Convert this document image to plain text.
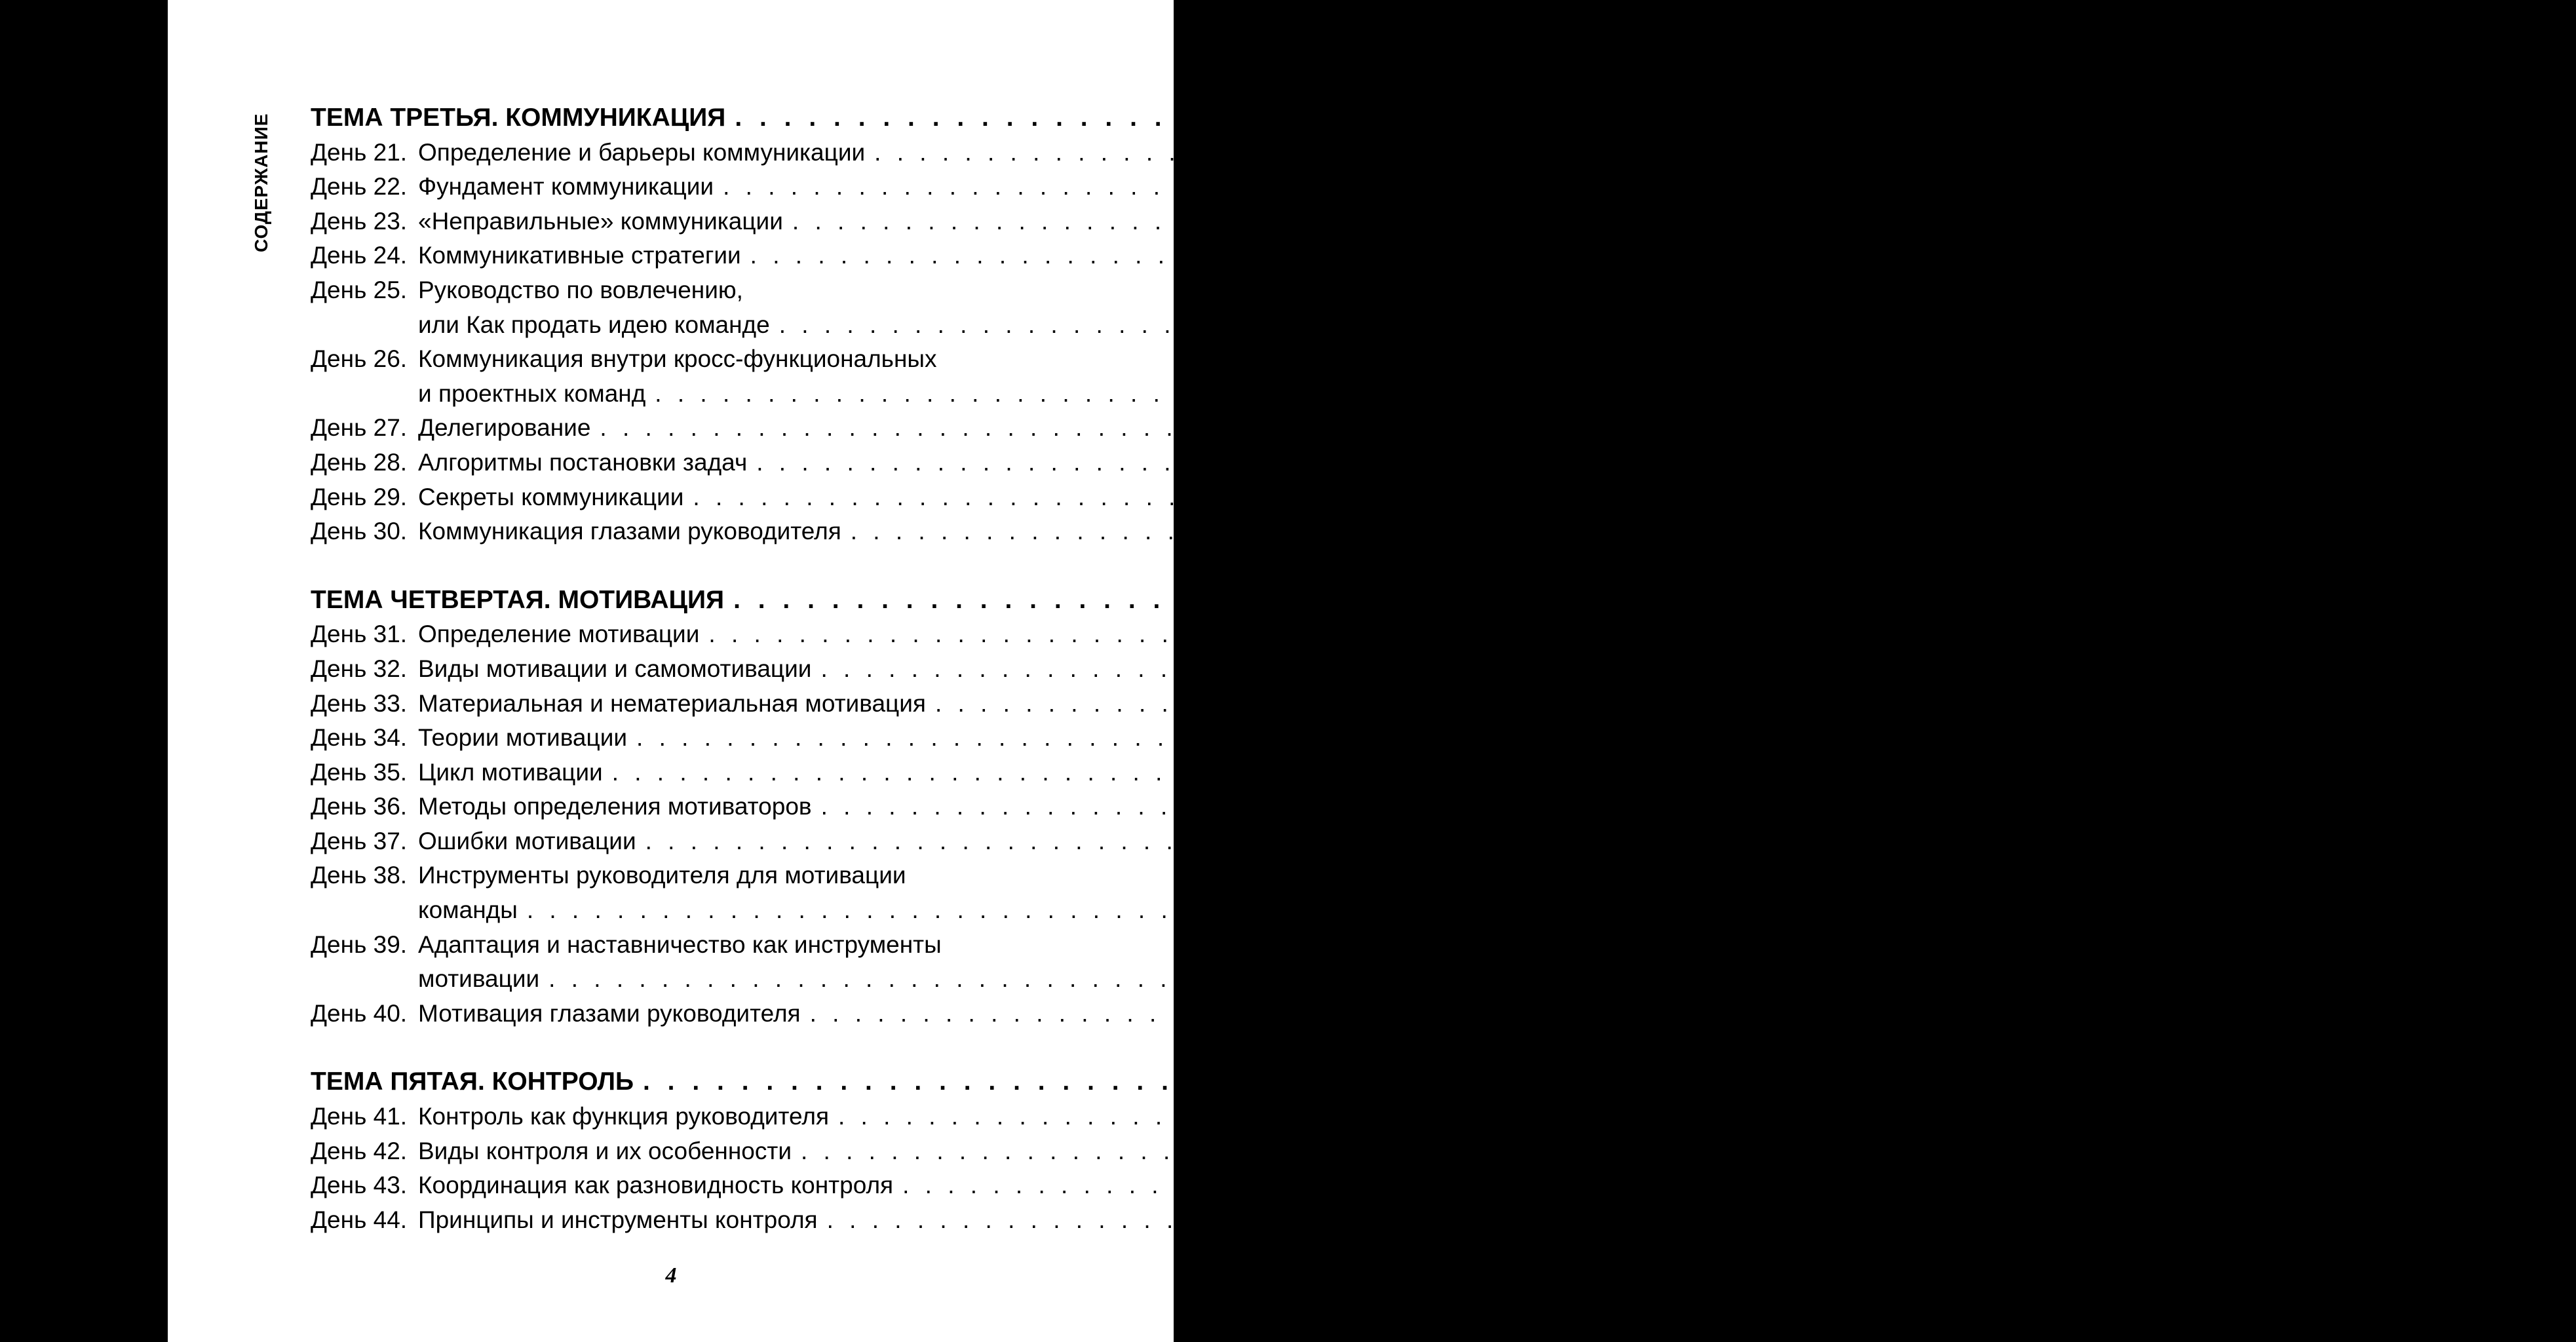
СОДЕРЖАНИЕ ТЕМА ТРЕТЬЯ. КОММУНИКАЦИЯ . . . . . . . . . . . . . . . . . . . . . . . . . . . . . . . . . . . . . . . . . . . . . . . . . . . . . . . . . . . . . . . . . . . . . . . 191
День 21. Определение и барьеры коммуникации . . . . . . . . . . . . . . . . . . . . . . . . . . . . . . . . . . . . . . . . . . . . . . . . . . . . . . . . . . . . . . . . . . . . . . . 193
День 22. Фундамент коммуникации . . . . . . . . . . . . . . . . . . . . . . . . . . . . . . . . . . . . . . . . . . . . . . . . . . . . . . . . . . . . . . . . . . . . . . . 205
День 23. «Неправильные» коммуникации . . . . . . . . . . . . . . . . . . . . . . . . . . . . . . . . . . . . . . . . . . . . . . . . . . . . . . . . . . . . . . . . . . . . . . . 217
День 24. Коммуникативные стратегии . . . . . . . . . . . . . . . . . . . . . . . . . . . . . . . . . . . . . . . . . . . . . . . . . . . . . . . . . . . . . . . . . . . . . . . 227
День 25. Руководство по вовлечению,
или Как продать идею команде . . . . . . . . . . . . . . . . . . . . . . . . . . . . . . . . . . . . . . . . . . . . . . . . . . . . . . . . . . . . . . . . . . . . . . . 236
День 26. Коммуникация внутри кросс-функциональных
и проектных команд . . . . . . . . . . . . . . . . . . . . . . . . . . . . . . . . . . . . . . . . . . . . . . . . . . . . . . . . . . . . . . . . . . . . . . . 247
День 27. Делегирование . . . . . . . . . . . . . . . . . . . . . . . . . . . . . . . . . . . . . . . . . . . . . . . . . . . . . . . . . . . . . . . . . . . . . . . 257
День 28. Алгоритмы постановки задач . . . . . . . . . . . . . . . . . . . . . . . . . . . . . . . . . . . . . . . . . . . . . . . . . . . . . . . . . . . . . . . . . . . . . . . 269
День 29. Секреты коммуникации . . . . . . . . . . . . . . . . . . . . . . . . . . . . . . . . . . . . . . . . . . . . . . . . . . . . . . . . . . . . . . . . . . . . . . . 283
День 30. Коммуникация глазами руководителя . . . . . . . . . . . . . . . . . . . . . . . . . . . . . . . . . . . . . . . . . . . . . . . . . . . . . . . . . . . . . . . . . . . . . . . 293
ТЕМА ЧЕТВЕРТАЯ. МОТИВАЦИЯ . . . . . . . . . . . . . . . . . . . . . . . . . . . . . . . . . . . . . . . . . . . . . . . . . . . . . . . . . . . . . . . . . . . . . . . 299
День 31. Определение мотивации . . . . . . . . . . . . . . . . . . . . . . . . . . . . . . . . . . . . . . . . . . . . . . . . . . . . . . . . . . . . . . . . . . . . . . . 301
День 32. Виды мотивации и самомотивации . . . . . . . . . . . . . . . . . . . . . . . . . . . . . . . . . . . . . . . . . . . . . . . . . . . . . . . . . . . . . . . . . . . . . . . 308
День 33. Материальная и нематериальная мотивация . . . . . . . . . . . . . . . . . . . . . . . . . . . . . . . . . . . . . . . . . . . . . . . . . . . . . . . . . . . . . . . . . . . . . . . 319
День 34. Теории мотивации . . . . . . . . . . . . . . . . . . . . . . . . . . . . . . . . . . . . . . . . . . . . . . . . . . . . . . . . . . . . . . . . . . . . . . . 329
День 35. Цикл мотивации . . . . . . . . . . . . . . . . . . . . . . . . . . . . . . . . . . . . . . . . . . . . . . . . . . . . . . . . . . . . . . . . . . . . . . . 340
День 36. Методы определения мотиваторов . . . . . . . . . . . . . . . . . . . . . . . . . . . . . . . . . . . . . . . . . . . . . . . . . . . . . . . . . . . . . . . . . . . . . . . 354
День 37. Ошибки мотивации . . . . . . . . . . . . . . . . . . . . . . . . . . . . . . . . . . . . . . . . . . . . . . . . . . . . . . . . . . . . . . . . . . . . . . . 368
День 38. Инструменты руководителя для мотивации
команды . . . . . . . . . . . . . . . . . . . . . . . . . . . . . . . . . . . . . . . . . . . . . . . . . . . . . . . . . . . . . . . . . . . . . . . 380
День 39. Адаптация и наставничество как инструменты
мотивации . . . . . . . . . . . . . . . . . . . . . . . . . . . . . . . . . . . . . . . . . . . . . . . . . . . . . . . . . . . . . . . . . . . . . . . 390
День 40. Мотивация глазами руководителя . . . . . . . . . . . . . . . . . . . . . . . . . . . . . . . . . . . . . . . . . . . . . . . . . . . . . . . . . . . . . . . . . . . . . . . 404
ТЕМА ПЯТАЯ. КОНТРОЛЬ . . . . . . . . . . . . . . . . . . . . . . . . . . . . . . . . . . . . . . . . . . . . . . . . . . . . . . . . . . . . . . . . . . . . . . . 410
День 41. Контроль как функция руководителя . . . . . . . . . . . . . . . . . . . . . . . . . . . . . . . . . . . . . . . . . . . . . . . . . . . . . . . . . . . . . . . . . . . . . . . 412
День 42. Виды контроля и их особенности . . . . . . . . . . . . . . . . . . . . . . . . . . . . . . . . . . . . . . . . . . . . . . . . . . . . . . . . . . . . . . . . . . . . . . . 419
День 43. Координация как разновидность контроля . . . . . . . . . . . . . . . . . . . . . . . . . . . . . . . . . . . . . . . . . . . . . . . . . . . . . . . . . . . . . . . . . . . . . . . 430
День 44. Принципы и инструменты контроля . . . . . . . . . . . . . . . . . . . . . . . . . . . . . . . . . . . . . . . . . . . . . . . . . . . . . . . . . . . . . . . . . . . . . . . 437
4
